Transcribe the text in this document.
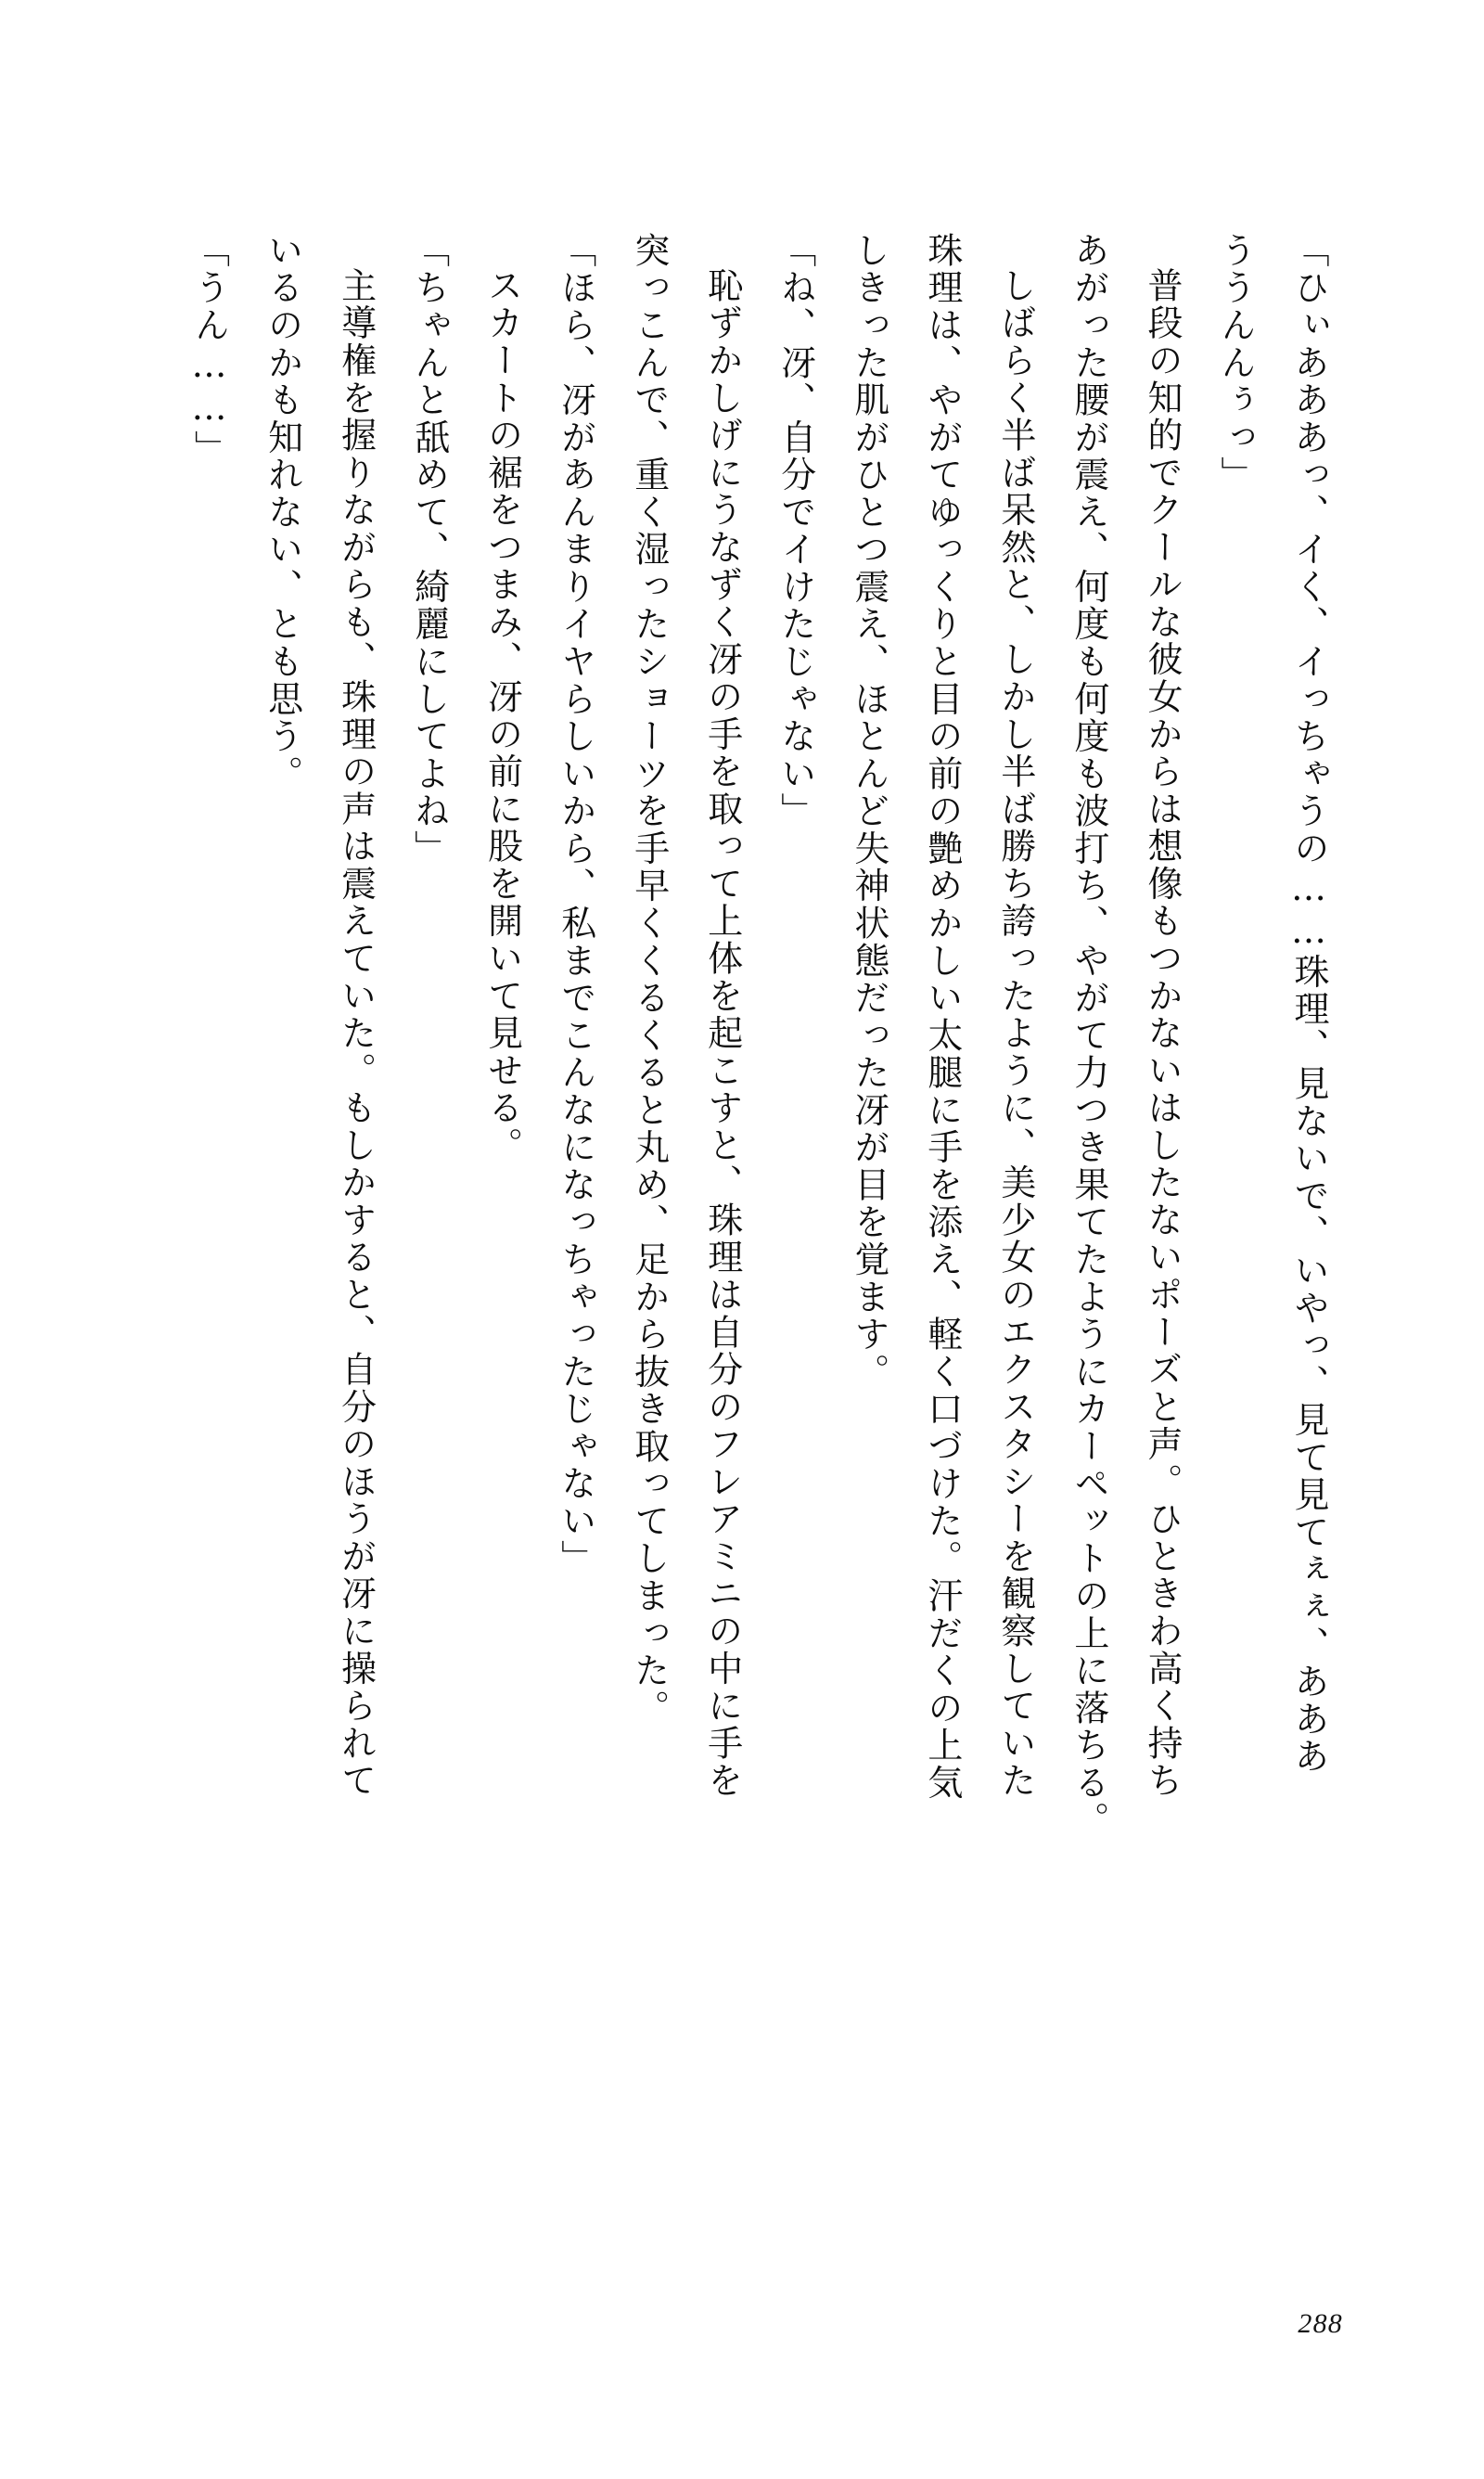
「ひぃあああっ、イく、イっちゃうの……珠理、見ないで、いやっ、見て見てぇぇ、あああ

ううんんぅっ」

普段の知的でクールな彼女からは想像もつかないはしたないポーズと声。ひときわ高く持ち

あがった腰が震え、何度も何度も波打ち、やがて力つき果てたようにカーペットの上に落ちる。

しばらく半ば呆然と、しかし半ば勝ち誇ったように、美少女のエクスタシーを観察していた

珠理は、やがてゆっくりと目の前の艶めかしい太腿に手を添え、軽く口づけた。汗だくの上気

しきった肌がひとつ震え、ほとんど失神状態だった冴が目を覚ます。

「ね、冴、自分でイけたじゃない」

恥ずかしげにうなずく冴の手を取って上体を起こすと、珠理は自分のフレアミニの中に手を

突っこんで、重く湿ったショーツを手早くくるくると丸め、足から抜き取ってしまった。

「ほら、冴があんまりイヤらしいから、私までこんなになっちゃったじゃない」

スカートの裾をつまみ、冴の前に股を開いて見せる。

「ちゃんと舐めて、綺麗にしてよね」

主導権を握りながらも、珠理の声は震えていた。もしかすると、自分のほうが冴に操られて

いるのかも知れない、とも思う。

「うん……」

288
